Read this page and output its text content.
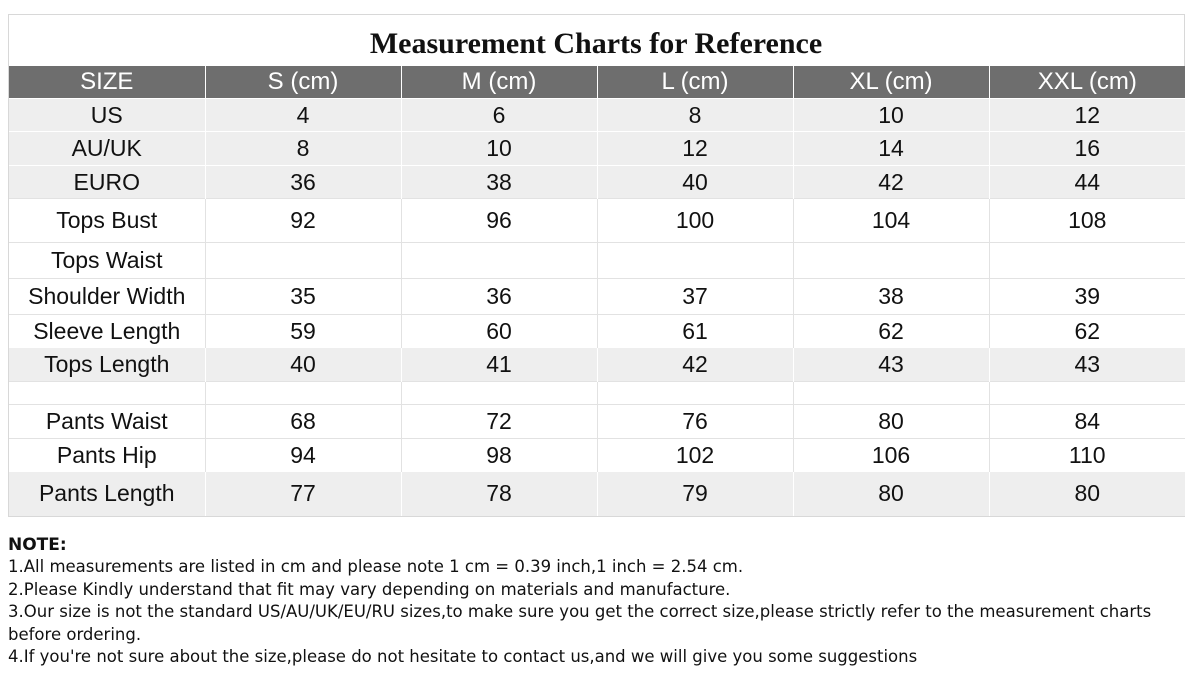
Measurement Charts for Reference
SIZE	S (cm)	M (cm)	L (cm)	XL (cm)	XXL (cm)
US	4	6	8	10	12
AU/UK	8	10	12	14	16
EURO	36	38	40	42	44
Tops Bust	92	96	100	104	108
Tops Waist					
Shoulder Width	35	36	37	38	39
Sleeve Length	59	60	61	62	62
Tops Length	40	41	42	43	43

Pants Waist	68	72	76	80	84
Pants Hip	94	98	102	106	110
Pants Length	77	78	79	80	80
NOTE:
1.All measurements are listed in cm and please note 1 cm = 0.39 inch,1 inch = 2.54 cm.
2.Please Kindly understand that fit may vary depending on materials and manufacture.
3.Our size is not the standard US/AU/UK/EU/RU sizes,to make sure you get the correct size,please strictly refer to the measurement charts
before ordering.
4.If you're not sure about the size,please do not hesitate to contact us,and we will give you some suggestions
